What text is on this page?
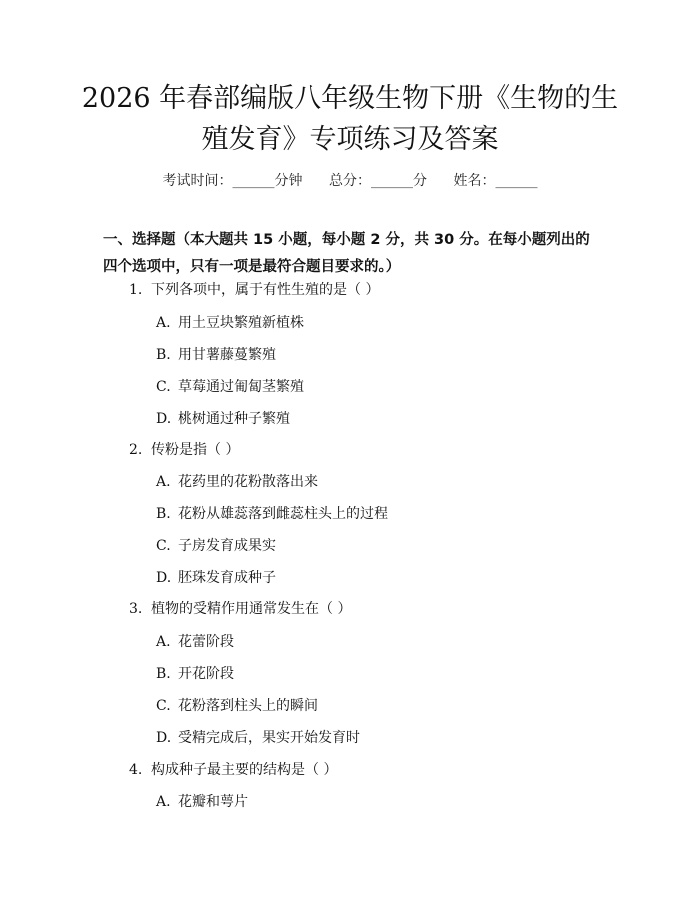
2026 年春部编版八年级生物下册《生物的生
殖发育》专项练习及答案
考试时间：______分钟 总分：______分 姓名：______
一、选择题（本大题共 15 小题，每小题 2 分，共 30 分。在每小题列出的四个选项中，只有一项是最符合题目要求的。）
1. 下列各项中，属于有性生殖的是（ ）
A. 用土豆块繁殖新植株
B. 用甘薯藤蔓繁殖
C. 草莓通过匍匐茎繁殖
D. 桃树通过种子繁殖
2. 传粉是指（ ）
A. 花药里的花粉散落出来
B. 花粉从雄蕊落到雌蕊柱头上的过程
C. 子房发育成果实
D. 胚珠发育成种子
3. 植物的受精作用通常发生在（ ）
A. 花蕾阶段
B. 开花阶段
C. 花粉落到柱头上的瞬间
D. 受精完成后，果实开始发育时
4. 构成种子最主要的结构是（ ）
A. 花瓣和萼片
